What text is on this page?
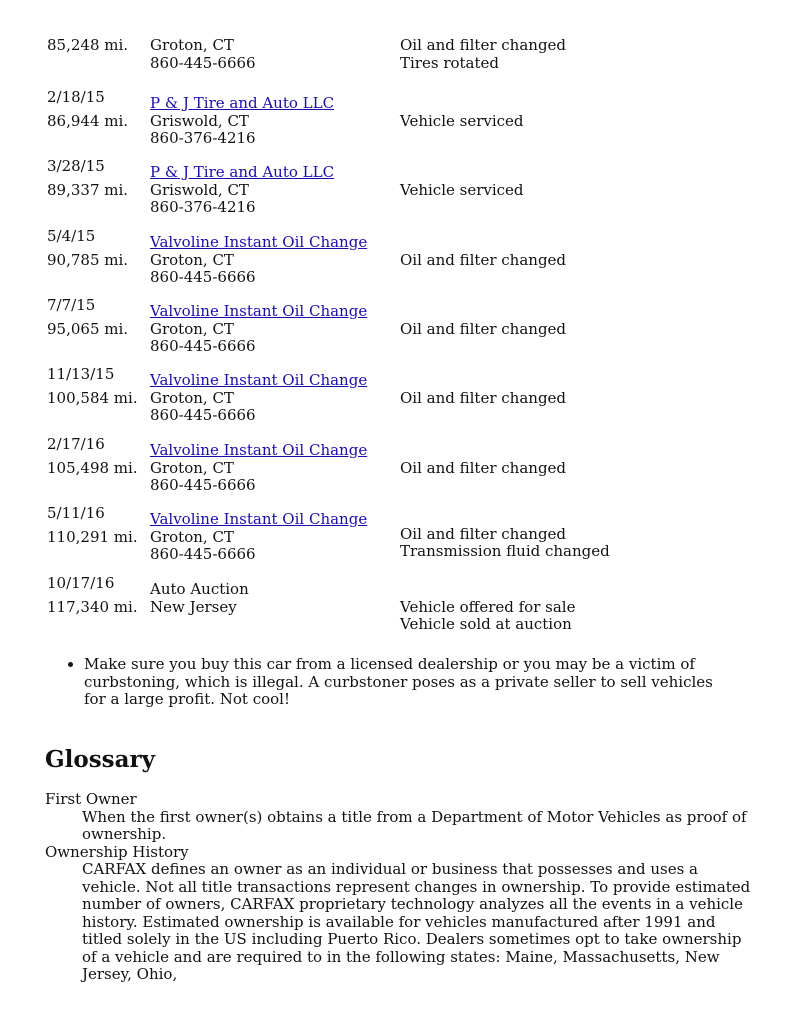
85,248 mi. Groton, CT
860-445-6666
Oil and filter changed
Tires rotated
2/18/15
86,944 mi.
P & J Tire and Auto LLC
Griswold, CT
860-376-4216
Vehicle serviced
3/28/15
89,337 mi.
P & J Tire and Auto LLC
Griswold, CT
860-376-4216
Vehicle serviced
5/4/15
90,785 mi.
Valvoline Instant Oil Change
Groton, CT
860-445-6666
Oil and filter changed
7/7/15
95,065 mi.
Valvoline Instant Oil Change
Groton, CT
860-445-6666
Oil and filter changed
11/13/15
100,584 mi.
Valvoline Instant Oil Change
Groton, CT
860-445-6666
Oil and filter changed
2/17/16
105,498 mi.
Valvoline Instant Oil Change
Groton, CT
860-445-6666
Oil and filter changed
5/11/16
110,291 mi.
Valvoline Instant Oil Change
Groton, CT
860-445-6666
Oil and filter changed
Transmission fluid changed
10/17/16
117,340 mi.
Auto Auction
New Jersey	Vehicle offered for sale
Vehicle sold at auction
• Make sure you buy this car from a licensed dealership or you may be a victim of curbstoning, which is illegal. A curbstoner poses as a private seller to sell vehicles for a large profit. Not cool!
Glossary
First Owner
When the first owner(s) obtains a title from a Department of Motor Vehicles as proof of ownership.
Ownership History
CARFAX defines an owner as an individual or business that possesses and uses a vehicle. Not all title transactions represent changes in ownership. To provide estimated number of owners, CARFAX proprietary technology analyzes all the events in a vehicle history. Estimated ownership is available for vehicles manufactured after 1991 and titled solely in the US including Puerto Rico. Dealers sometimes opt to take ownership of a vehicle and are required to in the following states: Maine, Massachusetts, New Jersey, Ohio,
